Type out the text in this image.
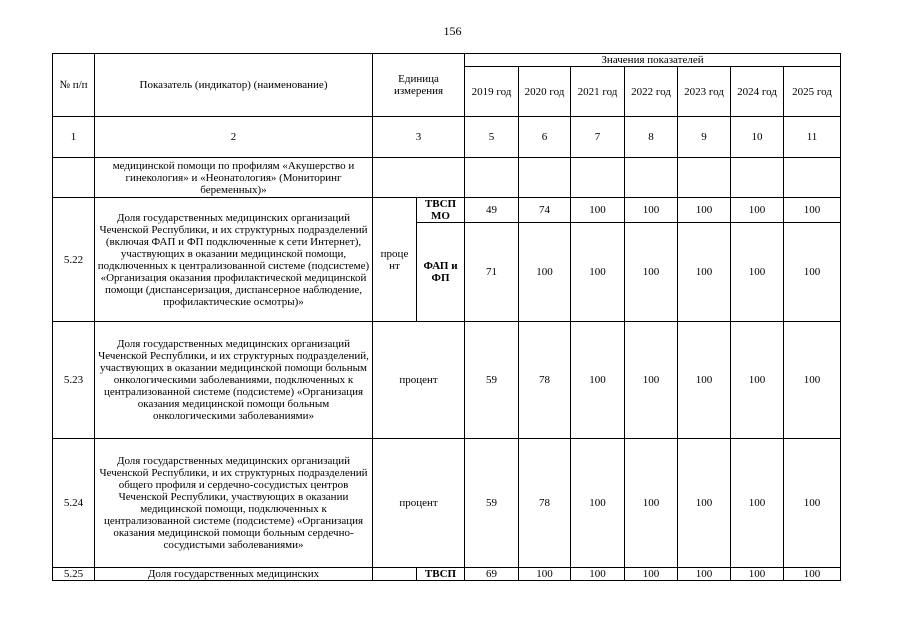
156
№ п/п	Показатель (индикатор) (наименование)	Единица измерения		Значения показателей						
				2019 год	2020 год	2021 год	2022 год	2023 год	2024 год	2025 год
1	2	3		5	6	7	8	9	10	11
	медицинской помощи по профилям «Акушерство и гинекология» и «Неонатология» (Мониторинг беременных)»									
5.22	Доля государственных медицинских организаций Чеченской Республики, и их структурных подразделений (включая ФАП и ФП подключенные к сети Интернет), участвующих в оказании медицинской помощи, подключенных к централизованной системе (подсистеме) «Организация оказания профилактической медицинской помощи (диспансеризация, диспансерное наблюдение, профилактические осмотры)»	проце нт	ТВСП МО	49	74	100	100	100	100	100
			ФАП и ФП	71	100	100	100	100	100	100
5.23	Доля государственных медицинских организаций Чеченской Республики, и их структурных подразделений, участвующих в оказании медицинской помощи больным онкологическими заболеваниями, подключенных к централизованной системе (подсистеме) «Организация оказания медицинской помощи больным онкологическими заболеваниями»	процент		59	78	100	100	100	100	100
5.24	Доля государственных медицинских организаций Чеченской Республики, и их структурных подразделений общего профиля и сердечно-сосудистых центров Чеченской Республики, участвующих в оказании медицинской помощи, подключенных к централизованной системе (подсистеме) «Организация оказания медицинской помощи больным сердечно-сосудистыми заболеваниями»	процент		59	78	100	100	100	100	100
5.25	Доля государственных медицинских		ТВСП	69	100	100	100	100	100	100
